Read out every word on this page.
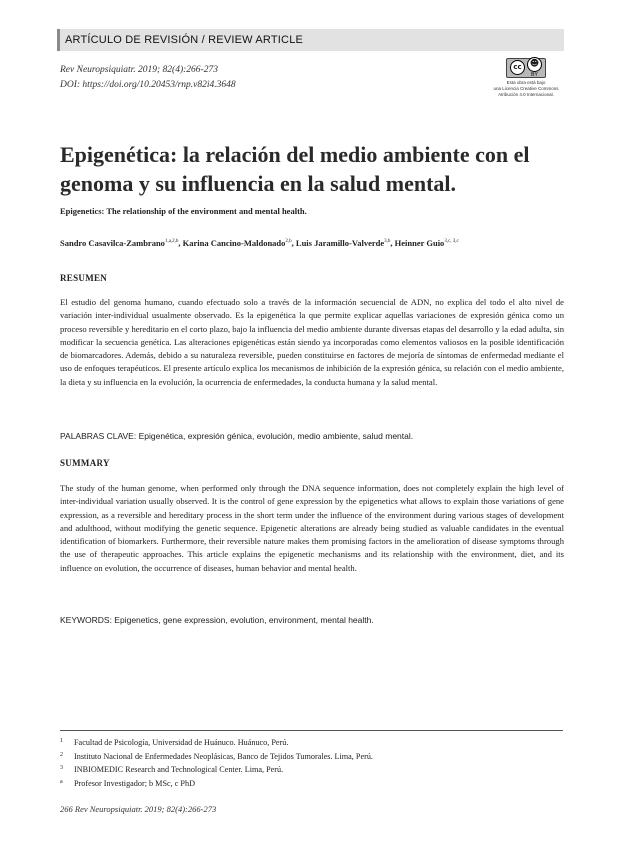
ARTÍCULO DE REVISIÓN / REVIEW ARTICLE
Rev Neuropsiquiatr. 2019; 82(4):266-273
DOI: https://doi.org/10.20453/rnp.v82i4.3648
cc ☻
BY
Esta obra está bajo
una Licencia Creative Commons
Atribución 4.0 Internacional.
Epigenética: la relación del medio ambiente con el genoma y su influencia en la salud mental.
Epigenetics: The relationship of the environment and mental health.
Sandro Casavilca-Zambrano$^{1,a,2,b}$, Karina Cancino-Maldonado$^{2,b}$, Luis Jaramillo-Valverde$^{3,b}$, Heinner Guio$^{3,c, 3,c}$
RESUMEN

El estudio del genoma humano, cuando efectuado solo a través de la información secuencial de ADN, no explica del todo el alto nivel de variación inter-individual usualmente observado. Es la epigenética la que permite explicar aquellas variaciones de expresión génica como un proceso reversible y hereditario en el corto plazo, bajo la influencia del medio ambiente durante diversas etapas del desarrollo y la edad adulta, sin modificar la secuencia genética. Las alteraciones epigenéticas están siendo ya incorporadas como elementos valiosos en la posible identificación de biomarcadores. Además, debido a su naturaleza reversible, pueden constituirse en factores de mejoría de síntomas de enfermedad mediante el uso de enfoques terapéuticos. El presente artículo explica los mecanismos de inhibición de la expresión génica, su relación con el medio ambiente, la dieta y su influencia en la evolución, la ocurrencia de enfermedades, la conducta humana y la salud mental.

PALABRAS CLAVE: Epigenética, expresión génica, evolución, medio ambiente, salud mental.
SUMMARY

The study of the human genome, when performed only through the DNA sequence information, does not completely explain the high level of inter-individual variation usually observed. It is the control of gene expression by the epigenetics what allows to explain those variations of gene expression, as a reversible and hereditary process in the short term under the influence of the environment during various stages of development and adulthood, without modifying the genetic sequence. Epigenetic alterations are already being studied as valuable candidates in the eventual identification of biomarkers. Furthermore, their reversible nature makes them promising factors in the amelioration of disease symptoms through the use of therapeutic approaches. This article explains the epigenetic mechanisms and its relationship with the environment, diet, and its influence on evolution, the occurrence of diseases, human behavior and mental health.

KEYWORDS: Epigenetics, gene expression, evolution, environment, mental health.
1	Facultad de Psicología, Universidad de Huánuco. Huánuco, Perú.
2	Instituto Nacional de Enfermedades Neoplásicas, Banco de Tejidos Tumorales. Lima, Perú.
3	INBIOMEDIC Research and Technological Center. Lima, Perú.
a	Profesor Investigador; b MSc, c PhD
266 Rev Neuropsiquiatr. 2019; 82(4):266-273
